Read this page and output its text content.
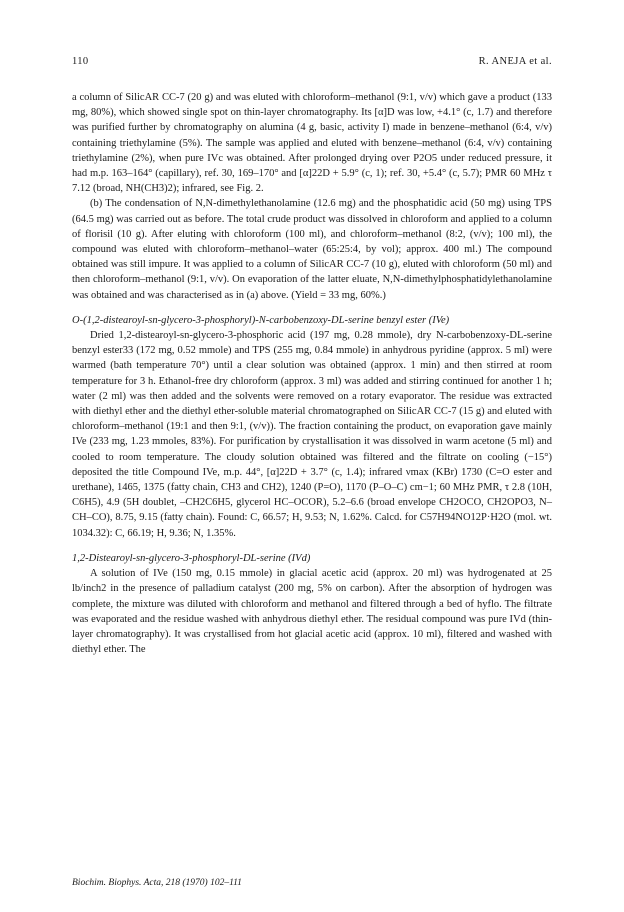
110	R. ANEJA et al.

a column of SilicAR CC-7 (20 g) and was eluted with chloroform–methanol (9:1, v/v) which gave a product (133 mg, 80%), which showed single spot on thin-layer chromatography. Its [α]D was low, +4.1° (c, 1.7) and therefore was purified further by chromatography on alumina (4 g, basic, activity I) made in benzene–methanol (6:4, v/v) containing triethylamine (5%). The sample was applied and eluted with benzene–methanol (6:4, v/v) containing triethylamine (2%), when pure IVc was obtained. After prolonged drying over P2O5 under reduced pressure, it had m.p. 163–164° (capillary), ref. 30, 169–170° and [α]22D + 5.9° (c, 1); ref. 30, +5.4° (c, 5.7); PMR 60 MHz τ 7.12 (broad, NH(CH3)2); infrared, see Fig. 2.

(b) The condensation of N,N-dimethylethanolamine (12.6 mg) and the phosphatidic acid (50 mg) using TPS (64.5 mg) was carried out as before. The total crude product was dissolved in chloroform and applied to a column of florisil (10 g). After eluting with chloroform (100 ml), and chloroform–methanol (8:2, (v/v); 100 ml), the compound was eluted with chloroform–methanol–water (65:25:4, by vol); approx. 400 ml.) The compound obtained was still impure. It was applied to a column of SilicAR CC-7 (10 g), eluted with chloroform (50 ml) and then chloroform–methanol (9:1, v/v). On evaporation of the latter eluate, N,N-dimethylphosphatidylethanolamine was obtained and was characterised as in (a) above. (Yield = 33 mg, 60%.)

O-(1,2-distearoyl-sn-glycero-3-phosphoryl)-N-carbobenzoxy-DL-serine benzyl ester (IVe)

Dried 1,2-distearoyl-sn-glycero-3-phosphoric acid (197 mg, 0.28 mmole), dry N-carbobenzoxy-DL-serine benzyl ester33 (172 mg, 0.52 mmole) and TPS (255 mg, 0.84 mmole) in anhydrous pyridine (approx. 5 ml) were warmed (bath temperature 70°) until a clear solution was obtained (approx. 1 min) and then stirred at room temperature for 3 h. Ethanol-free dry chloroform (approx. 3 ml) was added and stirring continued for another 1 h; water (2 ml) was then added and the solvents were removed on a rotary evaporator. The residue was extracted with diethyl ether and the diethyl ether-soluble material chromatographed on SilicAR CC-7 (15 g) and eluted with chloroform–methanol (19:1 and then 9:1, (v/v)). The fraction containing the product, on evaporation gave mainly IVe (233 mg, 1.23 mmoles, 83%). For purification by crystallisation it was dissolved in warm acetone (5 ml) and cooled to room temperature. The cloudy solution obtained was filtered and the filtrate on cooling (−15°) deposited the title Compound IVe, m.p. 44°, [α]22D + 3.7° (c, 1.4); infrared νmax (KBr) 1730 (C=O ester and urethane), 1465, 1375 (fatty chain, CH3 and CH2), 1240 (P=O), 1170 (P–O–C) cm−1; 60 MHz PMR, τ 2.8 (10H, C6H5), 4.9 (5H doublet, –CH2C6H5, glycerol HC–OCOR), 5.2–6.6 (broad envelope CH2OCO, CH2OPO3, N–CH–CO), 8.75, 9.15 (fatty chain). Found: C, 66.57; H, 9.53; N, 1.62%. Calcd. for C57H94NO12P·H2O (mol. wt. 1034.32): C, 66.19; H, 9.36; N, 1.35%.

1,2-Distearoyl-sn-glycero-3-phosphoryl-DL-serine (IVd)

A solution of IVe (150 mg, 0.15 mmole) in glacial acetic acid (approx. 20 ml) was hydrogenated at 25 lb/inch2 in the presence of palladium catalyst (200 mg, 5% on carbon). After the absorption of hydrogen was complete, the mixture was diluted with chloroform and methanol and filtered through a bed of hyflo. The filtrate was evaporated and the residue washed with anhydrous diethyl ether. The residual compound was pure IVd (thin-layer chromatography). It was crystallised from hot glacial acetic acid (approx. 10 ml), filtered and washed with diethyl ether. The

Biochim. Biophys. Acta, 218 (1970) 102–111
